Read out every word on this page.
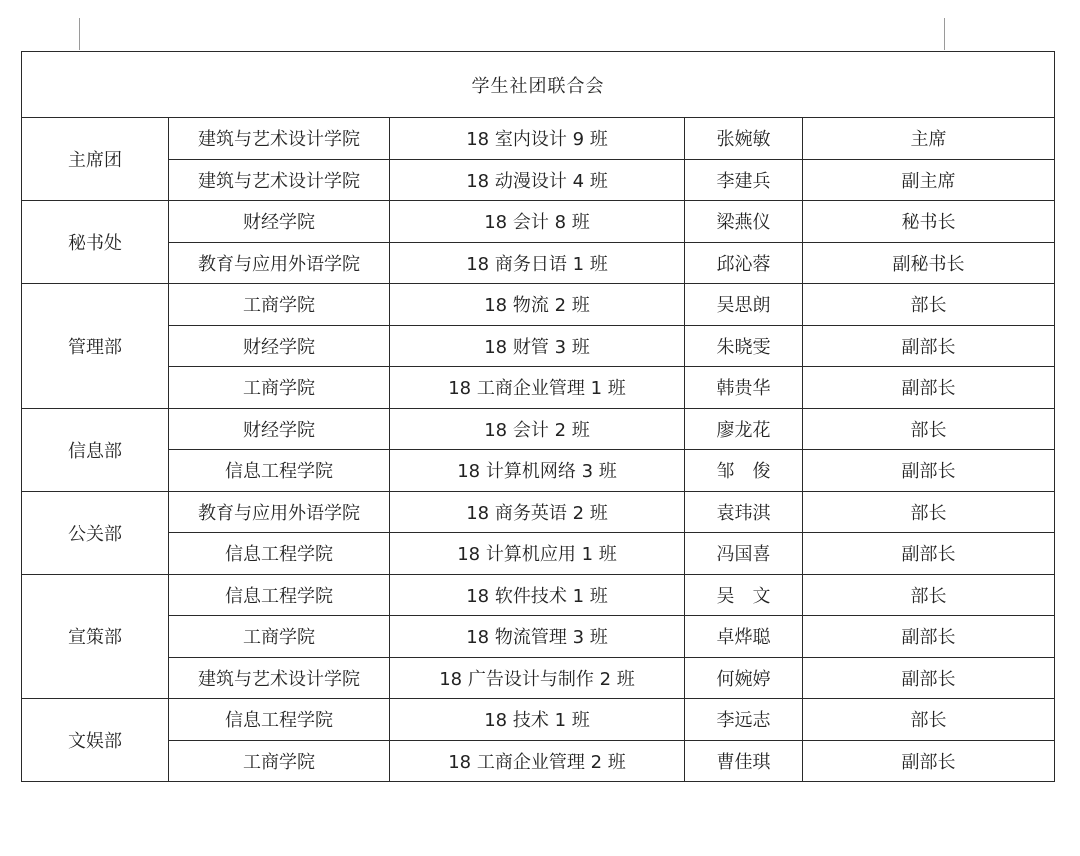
学生社团联合会				
主席团	建筑与艺术设计学院	18 室内设计 9 班	张婉敏	主席
	建筑与艺术设计学院	18 动漫设计 4 班	李建兵	副主席
秘书处	财经学院	18 会计 8 班	梁燕仪	秘书长
	教育与应用外语学院	18 商务日语 1 班	邱沁蓉	副秘书长
管理部	工商学院	18 物流 2 班	吴思朗	部长
	财经学院	18 财管 3 班	朱晓雯	副部长
	工商学院	18 工商企业管理 1 班	韩贵华	副部长
信息部	财经学院	18 会计 2 班	廖龙花	部长
	信息工程学院	18 计算机网络 3 班	邹　俊	副部长
公关部	教育与应用外语学院	18 商务英语 2 班	袁玮淇	部长
	信息工程学院	18 计算机应用 1 班	冯国喜	副部长
宣策部	信息工程学院	18 软件技术 1 班	吴　文	部长
	工商学院	18 物流管理 3 班	卓烨聪	副部长
	建筑与艺术设计学院	18 广告设计与制作 2 班	何婉婷	副部长
文娱部	信息工程学院	18 技术 1 班	李远志	部长
	工商学院	18 工商企业管理 2 班	曹佳琪	副部长
